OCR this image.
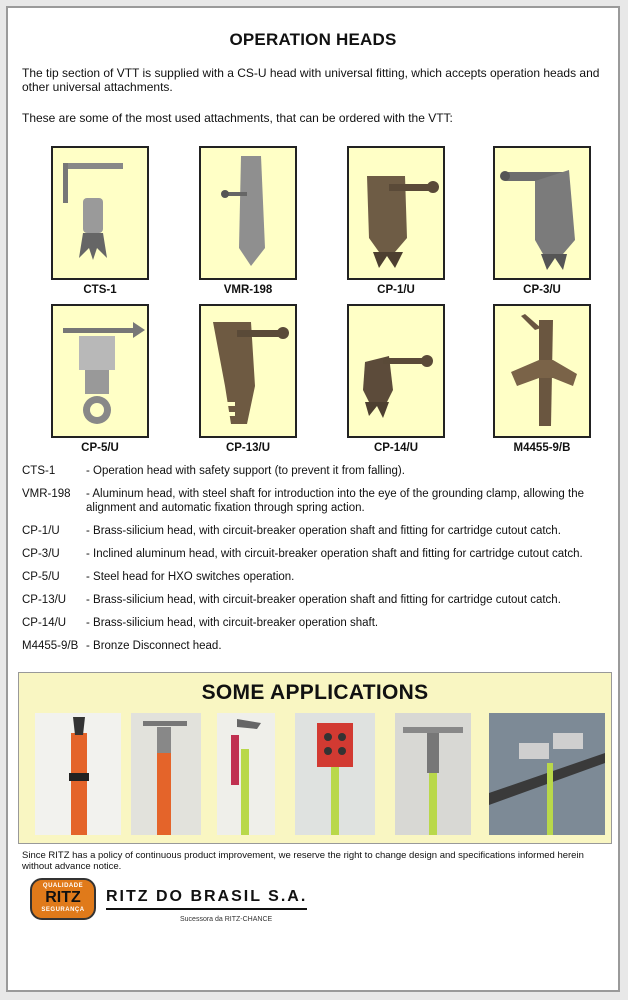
OPERATION HEADS
The tip section of VTT is supplied with a CS-U head with universal fitting, which accepts operation heads and other universal attachments.
These are some of the most used attachments, that can be ordered with the VTT:
CTS-1	VMR-198	CP-1/U	CP-3/U
CP-5/U	CP-13/U	CP-14/U	M4455-9/B
CTS-1	- Operation head with safety support (to prevent it from falling).
VMR-198	- Aluminum head, with steel shaft for introduction into the eye of the grounding clamp, allowing the alignment and automatic fixation through spring action.
CP-1/U	- Brass-silicium head, with circuit-breaker operation shaft and fitting for cartridge cutout catch.
CP-3/U	- Inclined aluminum head, with circuit-breaker operation shaft and fitting for cartridge cutout catch.
CP-5/U	- Steel head for HXO switches operation.
CP-13/U	- Brass-silicium head, with circuit-breaker operation shaft and fitting for cartridge cutout catch.
CP-14/U	- Brass-silicium head, with circuit-breaker operation shaft.
M4455-9/B - Bronze Disconnect head.
SOME APPLICATIONS
Since RITZ has a policy of continuous product improvement, we reserve the right to change design and specifications informed herein without advance notice.
QUALIDADE
RITZ
SEGURANÇA
RITZ DO BRASIL S.A.
Sucessora da RITZ-CHANCE
